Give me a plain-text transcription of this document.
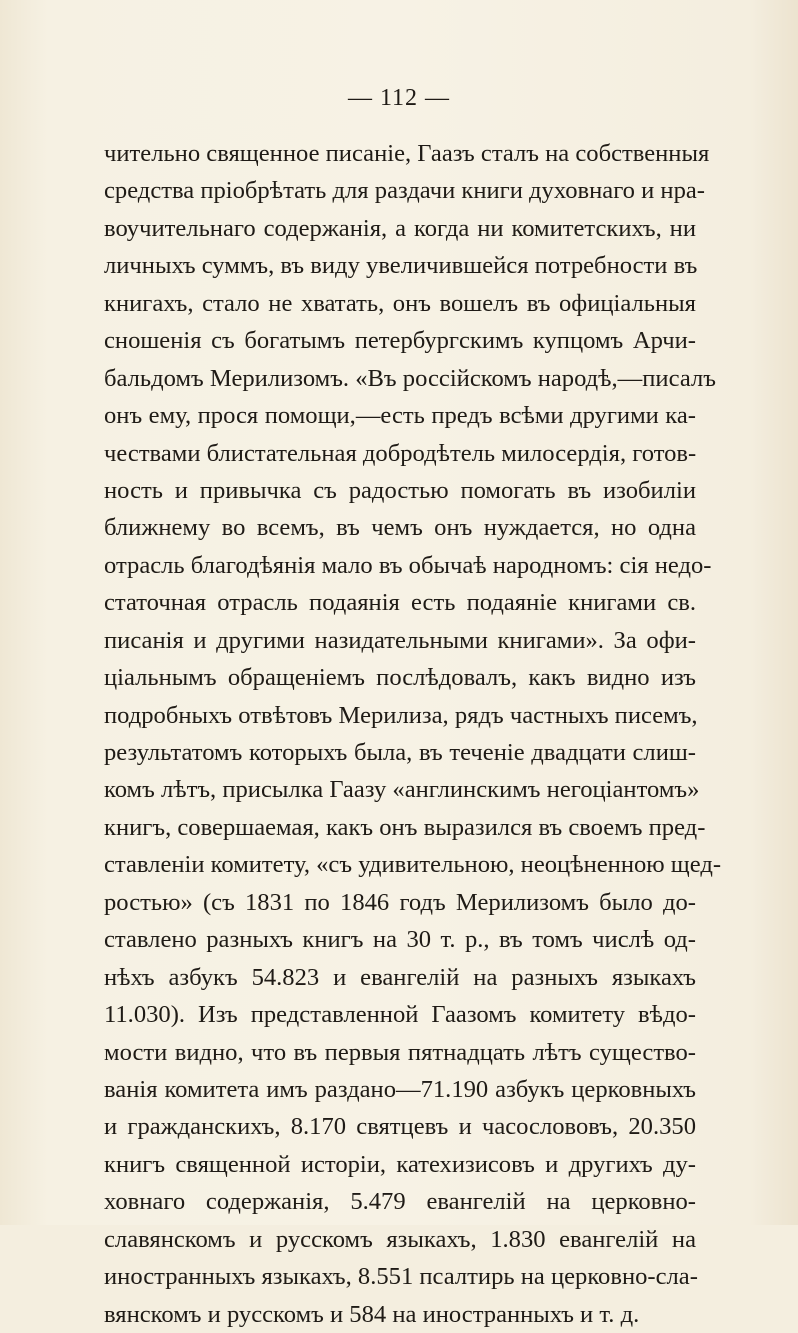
— 112 —
чительно священное писаніе, Гаазъ сталъ на собственныя
средства пріобрѣтать для раздачи книги духовнаго и нра-
воучительнаго содержанія, а когда ни комитетскихъ, ни
личныхъ суммъ, въ виду увеличившейся потребности въ
книгахъ, стало не хватать, онъ вошелъ въ офиціальныя
сношенія съ богатымъ петербургскимъ купцомъ Арчи-
бальдомъ Мерилизомъ. «Въ россійскомъ народѣ,—писалъ
онъ ему, прося помощи,—есть предъ всѣми другими ка-
чествами блистательная добродѣтель милосердія, готов-
ность и привычка съ радостью помогать въ изобиліи
ближнему во всемъ, въ чемъ онъ нуждается, но одна
отрасль благодѣянія мало въ обычаѣ народномъ: сія недо-
статочная отрасль подаянія есть подаяніе книгами св.
писанія и другими назидательными книгами». За офи-
ціальнымъ обращеніемъ послѣдовалъ, какъ видно изъ
подробныхъ отвѣтовъ Мерилиза, рядъ частныхъ писемъ,
результатомъ которыхъ была, въ теченіе двадцати слиш-
комъ лѣтъ, присылка Гаазу «англинскимъ негоціантомъ»
книгъ, совершаемая, какъ онъ выразился въ своемъ пред-
ставленіи комитету, «съ удивительною, неоцѣненною щед-
ростью» (съ 1831 по 1846 годъ Мерилизомъ было до-
ставлено разныхъ книгъ на 30 т. р., въ томъ числѣ од-
нѣхъ азбукъ 54.823 и евангелій на разныхъ языкахъ
11.030). Изъ представленной Гаазомъ комитету вѣдо-
мости видно, что въ первыя пятнадцать лѣтъ существо-
ванія комитета имъ раздано—71.190 азбукъ церковныхъ
и гражданскихъ, 8.170 святцевъ и часослововъ, 20.350
книгъ священной исторіи, катехизисовъ и другихъ ду-
ховнаго содержанія, 5.479 евангелій на церковно-
славянскомъ и русскомъ языкахъ, 1.830 евангелій на
иностранныхъ языкахъ, 8.551 псалтирь на церковно-сла-
вянскомъ и русскомъ и 584 на иностранныхъ и т. д.
